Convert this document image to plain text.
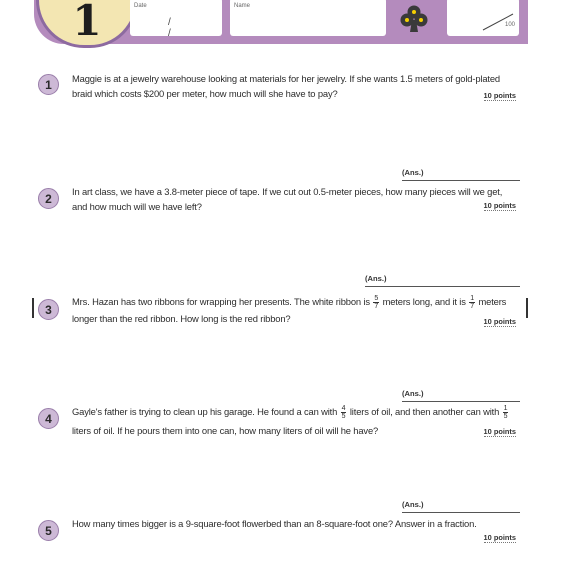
1	Date
/ /
Name
100
1	Maggie is at a jewelry warehouse looking at materials for her jewelry. If she wants 1.5 meters of gold-plated braid which costs $200 per meter, how much will she have to pay?	10 points
(Ans.)
2	In art class, we have a 3.8-meter piece of tape. If we cut out 0.5-meter pieces, how many pieces will we get, and how much will we have left?	10 points
(Ans.)
3
Mrs. Hazan has two ribbons for wrapping her presents. The white ribbon is $\frac{5}{7}$ meters long, and it is $\frac{1}{7}$ meters longer than the red ribbon. How long is the red ribbon?	10 points
(Ans.)
4	Gayle's father is trying to clean up his garage. He found a can with $\frac{4}{5}$ liters of oil, and then another can with $\frac{1}{5}$
liters of oil. If he pours them into one can, how many liters of oil will he have?	10 points
(Ans.)
5	How many times bigger is a 9-square-foot flowerbed than an 8-square-foot one? Answer in a fraction.
10 points
